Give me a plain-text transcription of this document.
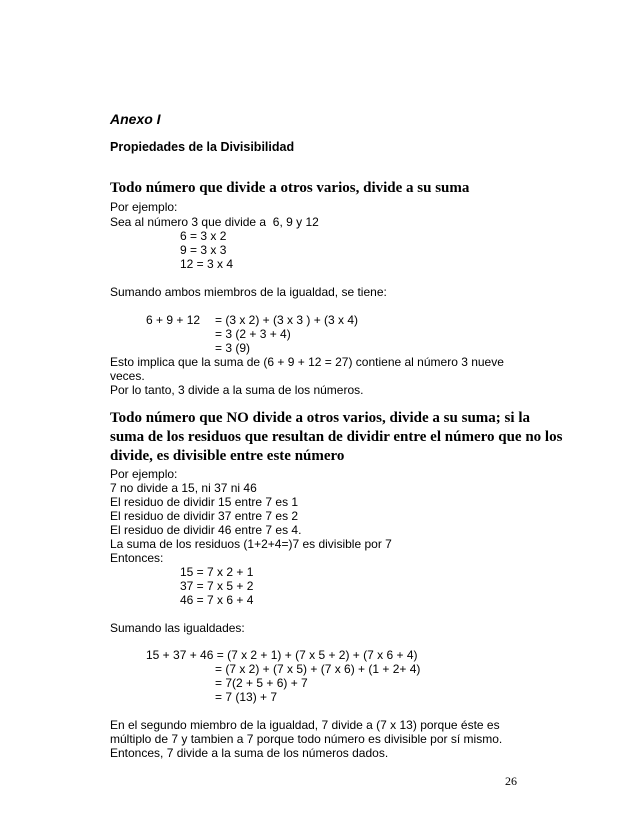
Anexo I
Propiedades de la Divisibilidad
Todo número que divide a otros varios, divide a su suma
Por ejemplo:
Sea al número 3 que divide a  6, 9 y 12
6 = 3 x 2
9 = 3 x 3
12 = 3 x 4
Sumando ambos miembros de la igualdad, se tiene:
6 + 9 + 12 = (3 x 2) + (3 x 3 ) + (3 x 4)
= 3 (2 + 3 + 4)
= 3 (9)
Esto implica que la suma de (6 + 9 + 12 = 27) contiene al número 3 nueve
veces.
Por lo tanto, 3 divide a la suma de los números.
Todo número que NO divide a otros varios, divide a su suma; si la
suma de los residuos que resultan de dividir entre el número que no los
divide, es divisible entre este número
Por ejemplo:
7 no divide a 15, ni 37 ni 46
El residuo de dividir 15 entre 7 es 1
El residuo de dividir 37 entre 7 es 2
El residuo de dividir 46 entre 7 es 4.
La suma de los residuos (1+2+4=)7 es divisible por 7
Entonces:
15 = 7 x 2 + 1
37 = 7 x 5 + 2
46 = 7 x 6 + 4
Sumando las igualdades:
15 + 37 + 46 = (7 x 2 + 1) + (7 x 5 + 2) + (7 x 6 + 4)
= (7 x 2) + (7 x 5) + (7 x 6) + (1 + 2+ 4)
= 7(2 + 5 + 6) + 7
= 7 (13) + 7
En el segundo miembro de la igualdad, 7 divide a (7 x 13) porque éste es
múltiplo de 7 y tambien a 7 porque todo número es divisible por sí mismo.
Entonces, 7 divide a la suma de los números dados.
26
